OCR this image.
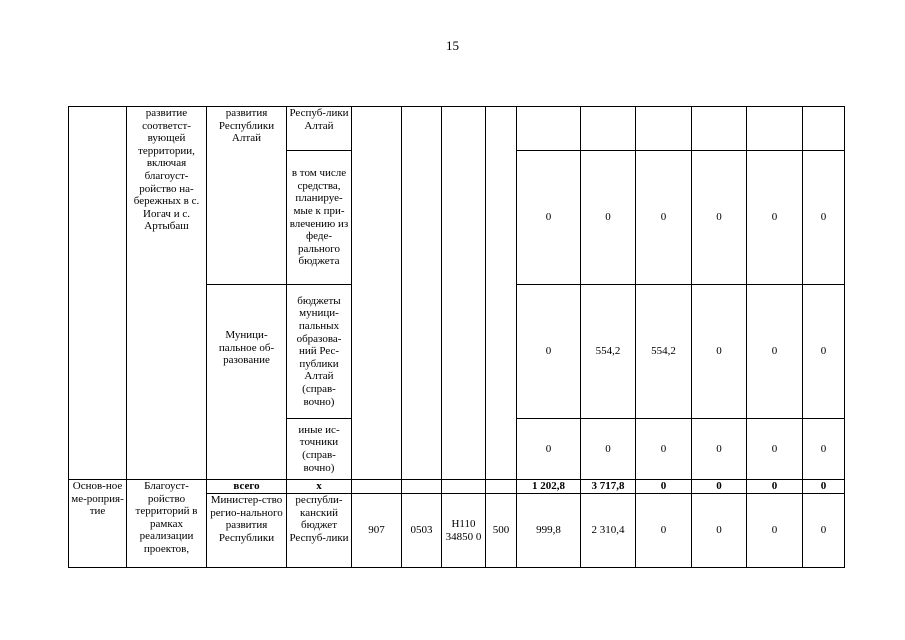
15
	развитие соответст-вующей территории, включая благоуст-ройство на-бережных в с. Иогач и с. Артыбаш	развития Республики Алтай	Респуб-лики Алтай										
			в том числе средства, планируе-мые к при-влечению из феде-рального бюджета					0	0	0	0	0	0
		Муници-пальное об-разование	бюджеты муници-пальных образова-ний Рес-публики Алтай (справ-вочно)					0	554,2	554,2	0	0	0
			иные ис-точники (справ-вочно)					0	0	0	0	0	0
Основ-ное ме-роприя-тие	Благоуст-ройство территорий в рамках реализации проектов,	всего	х					1 202,8	3 717,8	0	0	0	0
		Министер-ство регио-нального развития Республики	республи-канский бюджет Респуб-лики	907	0503	Н110 34850 0	500	999,8	2 310,4	0	0	0	0
